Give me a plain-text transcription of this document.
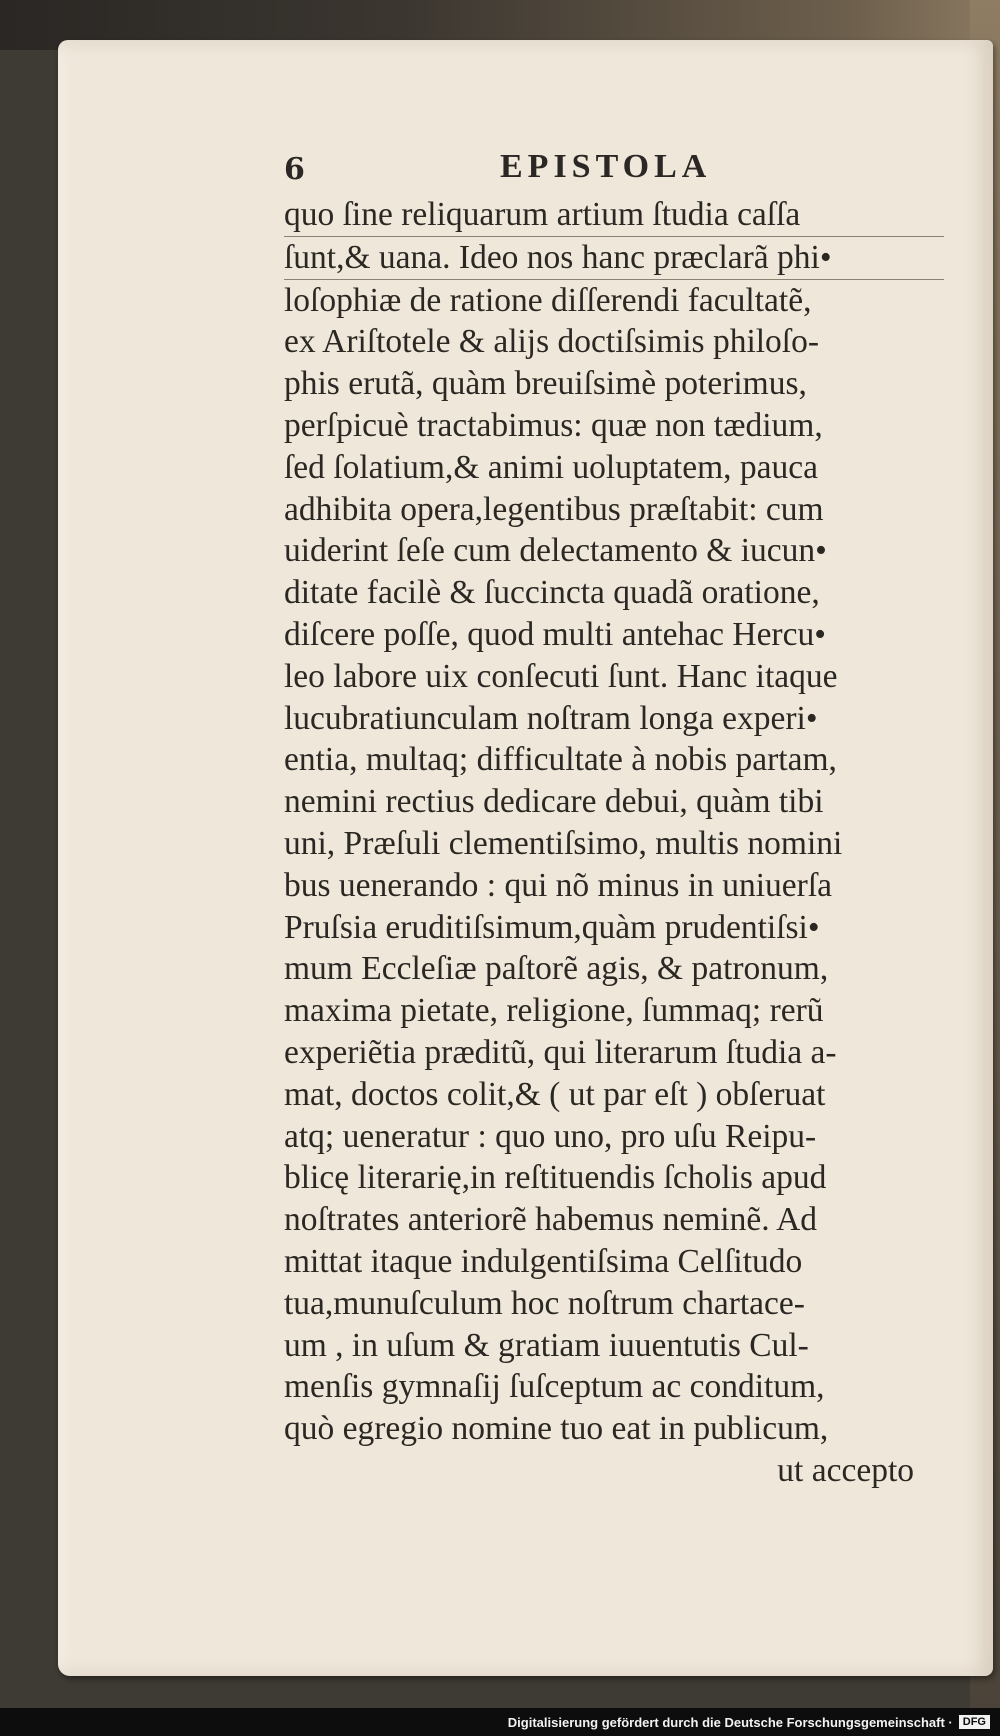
6	EPISTOLA
quo ſine reliquarum artium ſtudia caſſa
ſunt,& uana. Ideo nos hanc præclarã phi•
loſophiæ de ratione diſſerendi facultatẽ,
ex Ariſtotele & alijs doctiſsimis philoſo-
phis erutã, quàm breuiſsimè poterimus,
perſpicuè tractabimus: quæ non tædium,
ſed ſolatium,& animi uoluptatem, pauca
adhibita opera,legentibus præſtabit: cum
uiderint ſeſe cum delectamento & iucun•
ditate facilè & ſuccincta quadã oratione,
diſcere poſſe, quod multi antehac Hercu•
leo labore uix conſecuti ſunt. Hanc itaque
lucubratiunculam noſtram longa experi•
entia, multaq; difficultate à nobis partam,
nemini rectius dedicare debui, quàm tibi
uni, Præſuli clementiſsimo, multis nomini
bus uenerando : qui nõ minus in uniuerſa
Pruſsia eruditiſsimum,quàm prudentiſsi•
mum Eccleſiæ paſtorẽ agis, & patronum,
maxima pietate, religione, ſummaq; rerũ
experiẽtia præditũ, qui literarum ſtudia a-
mat, doctos colit,& ( ut par eſt ) obſeruat
atq; ueneratur : quo uno, pro uſu Reipu-
blicę literarię,in reſtituendis ſcholis apud
noſtrates anteriorẽ habemus neminẽ. Ad
mittat itaque indulgentiſsima Celſitudo
tua,munuſculum hoc noſtrum chartace-
um , in uſum & gratiam iuuentutis Cul-
menſis gymnaſij ſuſceptum ac conditum,
quò egregio nomine tuo eat in publicum,
ut accepto
Digitalisierung gefördert durch die Deutsche Forschungsgemeinschaft · DFG
